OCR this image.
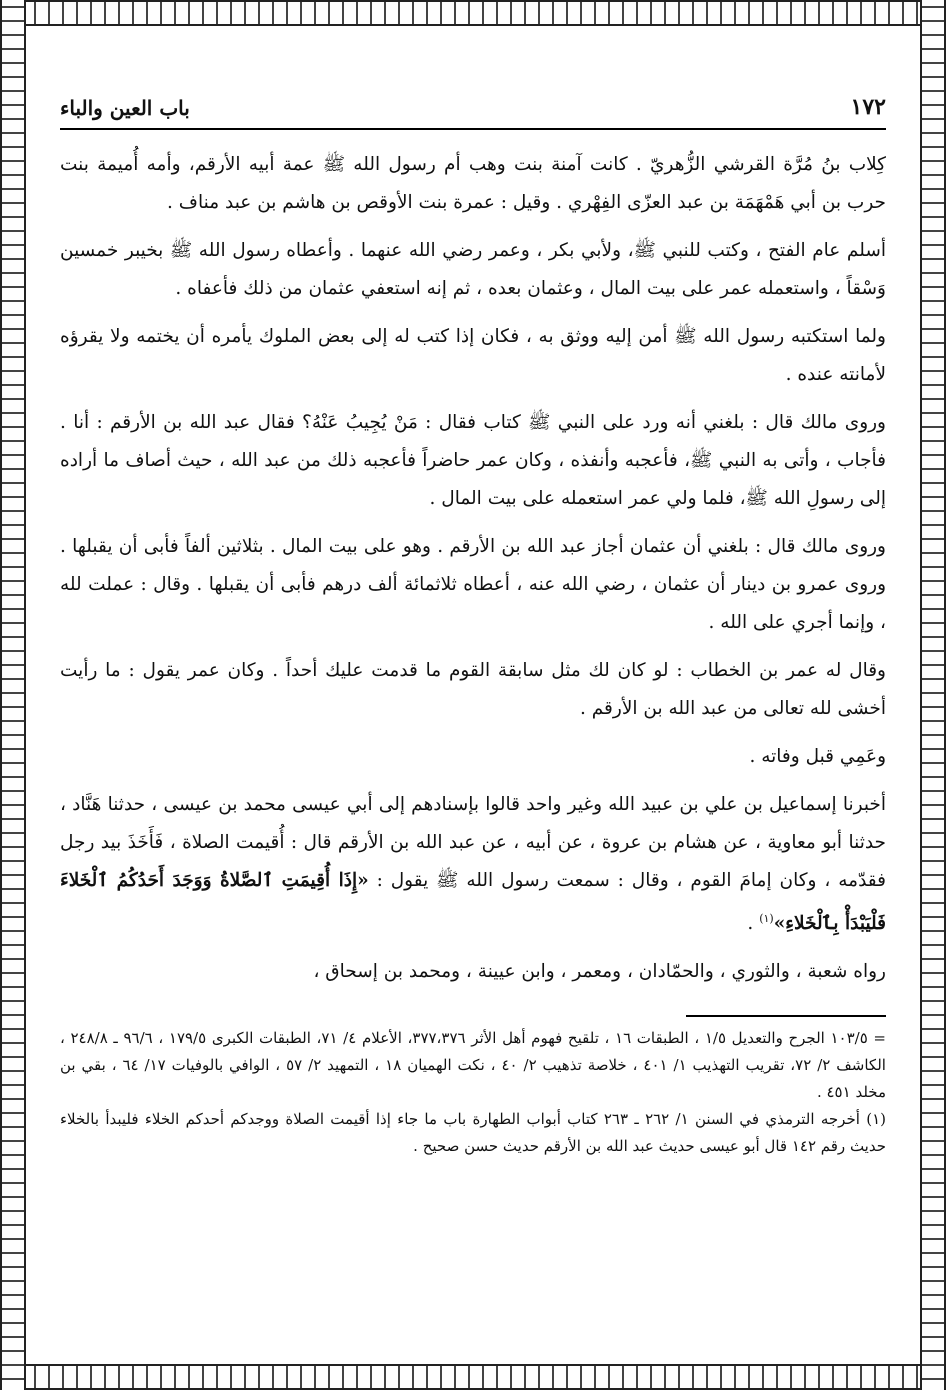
باب العين والباء	١٧٢

كِلاب بنُ مُرَّة القرشي الزُّهريّ . كانت آمنة بنت وهب أم رسول الله ﷺ عمة أبيه الأرقم، وأمه أُميمة بنت حرب بن أبي هَمْهَمَة بن عبد العزّى الفِهْري . وقيل : عمرة بنت الأوقص بن هاشم بن عبد مناف .

أسلم عام الفتح ، وكتب للنبي ﷺ، ولأبي بكر ، وعمر رضي الله عنهما . وأعطاه رسول الله ﷺ بخيبر خمسين وَسْقاً ، واستعمله عمر على بيت المال ، وعثمان بعده ، ثم إنه استعفي عثمان من ذلك فأعفاه .

ولما استكتبه رسول الله ﷺ أمن إليه ووثق به ، فكان إذا كتب له إلى بعض الملوك يأمره أن يختمه ولا يقرؤه لأمانته عنده .

وروى مالك قال : بلغني أنه ورد على النبي ﷺ كتاب فقال : مَنْ يُجِيبُ عَنْهُ؟ فقال عبد الله بن الأرقم : أنا . فأجاب ، وأتى به النبي ﷺ، فأعجبه وأنفذه ، وكان عمر حاضراً فأعجبه ذلك من عبد الله ، حيث أصاف ما أراده إلى رسولِ الله ﷺ، فلما ولي عمر استعمله على بيت المال .

وروى مالك قال : بلغني أن عثمان أجاز عبد الله بن الأرقم . وهو على بيت المال . بثلاثين ألفاً فأبى أن يقبلها . وروى عمرو بن دينار أن عثمان ، رضي الله عنه ، أعطاه ثلاثمائة ألف درهم فأبى أن يقبلها . وقال : عملت لله ، وإنما أجري على الله .

وقال له عمر بن الخطاب : لو كان لك مثل سابقة القوم ما قدمت عليك أحداً . وكان عمر يقول : ما رأيت أخشى لله تعالى من عبد الله بن الأرقم .

وعَمِي قبل وفاته .

أخبرنا إسماعيل بن علي بن عبيد الله وغير واحد قالوا بإسنادهم إلى أبي عيسى محمد بن عيسى ، حدثنا هَنَّاد ، حدثنا أبو معاوية ، عن هشام بن عروة ، عن أبيه ، عن عبد الله بن الأرقم قال : أُقيمت الصلاة ، فَأَخَذَ بيد رجل فقدّمه ، وكان إمامَ القوم ، وقال : سمعت رسول الله ﷺ يقول : «إِذَا أُقِيمَتِ ٱلصَّلاةُ وَوَجَدَ أَحَدُكُمُ ٱلْخَلاءَ فَلْيَبْدَأْ بِٱلْخَلاءِ»$^{(١)}$ .

رواه شعبة ، والثوري ، والحمّادان ، ومعمر ، وابن عيينة ، ومحمد بن إسحاق ،

= ١٠٣/٥ الجرح والتعديل ١/٥ ، الطبقات ١٦ ، تلقيح فهوم أهل الأثر ٣٧٧،٣٧٦، الأعلام ٤/ ٧١، الطبقات الكبرى ١٧٩/٥ ، ٩٦/٦ ـ ٢٤٨/٨ ، الكاشف ٢/ ٧٢، تقريب التهذيب ١/ ٤٠١ ، خلاصة تذهيب ٢/ ٤٠ ، نكت الهميان ١٨ ، التمهيد ٢/ ٥٧ ، الوافي بالوفيات ١٧/ ٦٤ ، بقي بن مخلد ٤٥١ .

(١) أخرجه الترمذي في السنن ١/ ٢٦٢ ـ ٢٦٣ كتاب أبواب الطهارة باب ما جاء إذا أقيمت الصلاة ووجدكم أحدكم الخلاء فليبدأ بالخلاء حديث رقم ١٤٢ قال أبو عيسى حديث عبد الله بن الأرقم حديث حسن صحيح .
